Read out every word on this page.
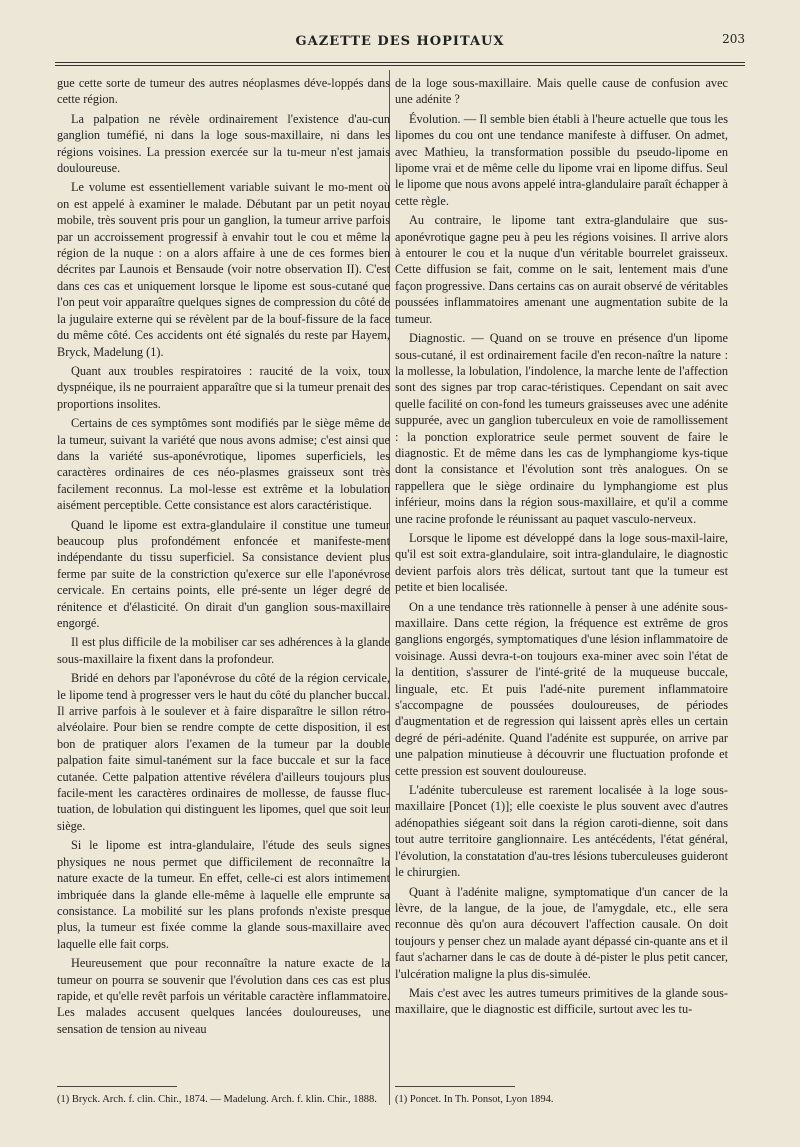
GAZETTE DES HOPITAUX	203

gue cette sorte de tumeur des autres néoplasmes déve-loppés dans cette région.

La palpation ne révèle ordinairement l'existence d'au-cun ganglion tuméfié, ni dans la loge sous-maxillaire, ni dans les régions voisines. La pression exercée sur la tu-meur n'est jamais douloureuse.

Le volume est essentiellement variable suivant le mo-ment où on est appelé à examiner le malade. Débutant par un petit noyau mobile, très souvent pris pour un ganglion, la tumeur arrive parfois par un accroissement progressif à envahir tout le cou et même la région de la nuque : on a alors affaire à une de ces formes bien décrites par Launois et Bensaude (voir notre observation II). C'est dans ces cas et uniquement lorsque le lipome est sous-cutané que l'on peut voir apparaître quelques signes de compression du côté de la jugulaire externe qui se révèlent par de la bouf-fissure de la face du même côté. Ces accidents ont été signalés du reste par Hayem, Bryck, Madelung (1).

Quant aux troubles respiratoires : raucité de la voix, toux dyspnéique, ils ne pourraient apparaître que si la tumeur prenait des proportions insolites.

Certains de ces symptômes sont modifiés par le siège même de la tumeur, suivant la variété que nous avons admise; c'est ainsi que dans la variété sus-aponévrotique, lipomes superficiels, les caractères ordinaires de ces néo-plasmes graisseux sont très facilement reconnus. La mol-lesse est extrême et la lobulation aisément perceptible. Cette consistance est alors caractéristique.

Quand le lipome est extra-glandulaire il constitue une tumeur beaucoup plus profondément enfoncée et manifeste-ment indépendante du tissu superficiel. Sa consistance devient plus ferme par suite de la constriction qu'exerce sur elle l'aponévrose cervicale. En certains points, elle pré-sente un léger degré de rénitence et d'élasticité. On dirait d'un ganglion sous-maxillaire engorgé.

Il est plus difficile de la mobiliser car ses adhérences à la glande sous-maxillaire la fixent dans la profondeur.

Bridé en dehors par l'aponévrose du côté de la région cervicale, le lipome tend à progresser vers le haut du côté du plancher buccal. Il arrive parfois à le soulever et à faire disparaître le sillon rétro-alvéolaire. Pour bien se rendre compte de cette disposition, il est bon de pratiquer alors l'examen de la tumeur par la double palpation faite simul-tanément sur la face buccale et sur la face cutanée. Cette palpation attentive révélera d'ailleurs toujours plus facile-ment les caractères ordinaires de mollesse, de fausse fluc-tuation, de lobulation qui distinguent les lipomes, quel que soit leur siège.

Si le lipome est intra-glandulaire, l'étude des seuls signes physiques ne nous permet que difficilement de reconnaître la nature exacte de la tumeur. En effet, celle-ci est alors intimement imbriquée dans la glande elle-même à laquelle elle emprunte sa consistance. La mobilité sur les plans profonds n'existe presque plus, la tumeur est fixée comme la glande sous-maxillaire avec laquelle elle fait corps.

Heureusement que pour reconnaître la nature exacte de la tumeur on pourra se souvenir que l'évolution dans ces cas est plus rapide, et qu'elle revêt parfois un véritable caractère inflammatoire. Les malades accusent quelques lancées douloureuses, une sensation de tension au niveau

de la loge sous-maxillaire. Mais quelle cause de confusion avec une adénite ?

Évolution. — Il semble bien établi à l'heure actuelle que tous les lipomes du cou ont une tendance manifeste à diffuser. On admet, avec Mathieu, la transformation possible du pseudo-lipome en lipome vrai et de même celle du lipome vrai en lipome diffus. Seul le lipome que nous avons appelé intra-glandulaire paraît échapper à cette règle.

Au contraire, le lipome tant extra-glandulaire que sus-aponévrotique gagne peu à peu les régions voisines. Il arrive alors à entourer le cou et la nuque d'un véritable bourrelet graisseux. Cette diffusion se fait, comme on le sait, lentement mais d'une façon progressive. Dans certains cas on aurait observé de véritables poussées inflammatoires amenant une augmentation subite de la tumeur.

Diagnostic. — Quand on se trouve en présence d'un lipome sous-cutané, il est ordinairement facile d'en recon-naître la nature : la mollesse, la lobulation, l'indolence, la marche lente de l'affection sont des signes par trop carac-téristiques. Cependant on sait avec quelle facilité on con-fond les tumeurs graisseuses avec une adénite suppurée, avec un ganglion tuberculeux en voie de ramollissement : la ponction exploratrice seule permet souvent de faire le diagnostic. Et de même dans les cas de lymphangiome kys-tique dont la consistance et l'évolution sont très analogues. On se rappellera que le siège ordinaire du lymphangiome est plus inférieur, moins dans la région sous-maxillaire, et qu'il a comme une racine profonde le réunissant au paquet vasculo-nerveux.

Lorsque le lipome est développé dans la loge sous-maxil-laire, qu'il est soit extra-glandulaire, soit intra-glandulaire, le diagnostic devient parfois alors très délicat, surtout tant que la tumeur est petite et bien localisée.

On a une tendance très rationnelle à penser à une adénite sous-maxillaire. Dans cette région, la fréquence est extrême de gros ganglions engorgés, symptomatiques d'une lésion inflammatoire de voisinage. Aussi devra-t-on toujours exa-miner avec soin l'état de la dentition, s'assurer de l'inté-grité de la muqueuse buccale, linguale, etc. Et puis l'adé-nite purement inflammatoire s'accompagne de poussées douloureuses, de périodes d'augmentation et de regression qui laissent après elles un certain degré de péri-adénite. Quand l'adénite est suppurée, on arrive par une palpation minutieuse à découvrir une fluctuation profonde et cette pression est souvent douloureuse.

L'adénite tuberculeuse est rarement localisée à la loge sous-maxillaire [Poncet (1)]; elle coexiste le plus souvent avec d'autres adénopathies siégeant soit dans la région caroti-dienne, soit dans tout autre territoire ganglionnaire. Les antécédents, l'état général, l'évolution, la constatation d'au-tres lésions tuberculeuses guideront le chirurgien.

Quant à l'adénite maligne, symptomatique d'un cancer de la lèvre, de la langue, de la joue, de l'amygdale, etc., elle sera reconnue dès qu'on aura découvert l'affection causale. On doit toujours y penser chez un malade ayant dépassé cin-quante ans et il faut s'acharner dans le cas de doute à dé-pister le plus petit cancer, l'ulcération maligne la plus dis-simulée.

Mais c'est avec les autres tumeurs primitives de la glande sous-maxillaire, que le diagnostic est difficile, surtout avec les tu-

(1) Bryck. Arch. f. clin. Chir., 1874. — Madelung. Arch. f. klin. Chir., 1888.	(1) Poncet. In Th. Ponsot, Lyon 1894.
